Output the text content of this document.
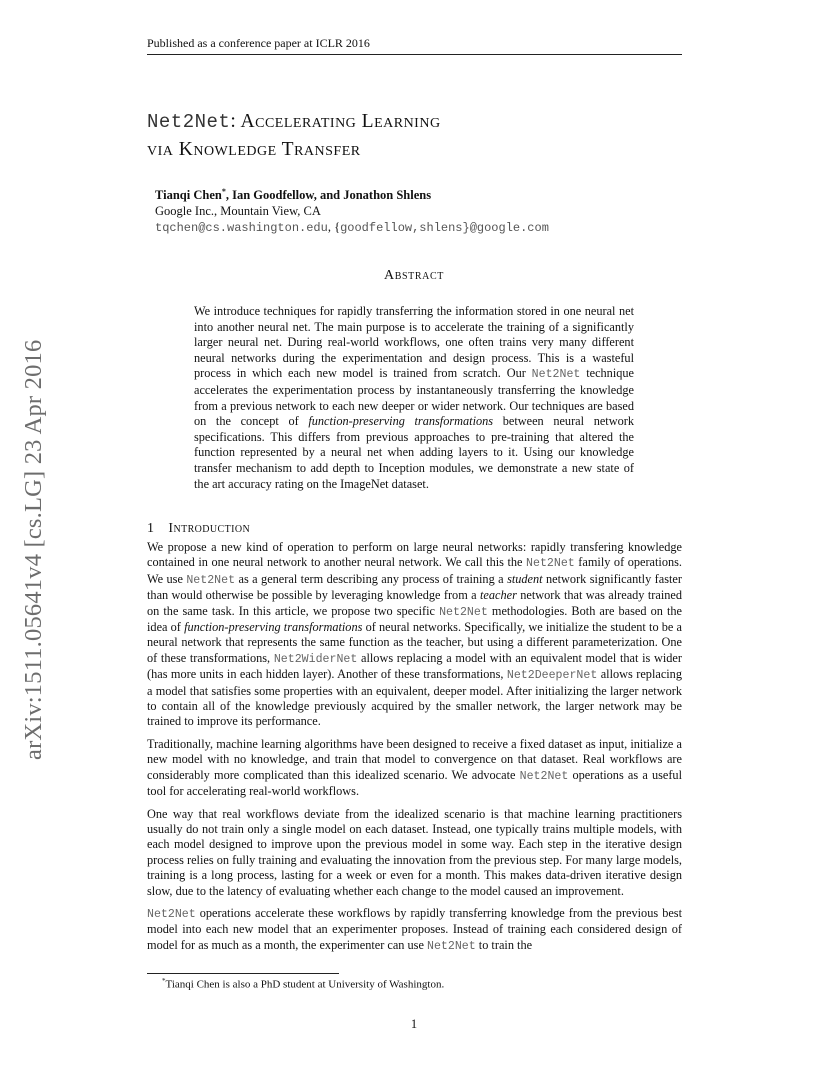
Published as a conference paper at ICLR 2016
arXiv:1511.05641v4 [cs.LG] 23 Apr 2016
Net2Net: Accelerating Learning
via Knowledge Transfer
Tianqi Chen*, Ian Goodfellow, and Jonathon Shlens
Google Inc., Mountain View, CA
tqchen@cs.washington.edu, {goodfellow,shlens}@google.com
Abstract
We introduce techniques for rapidly transferring the information stored in one neural net into another neural net. The main purpose is to accelerate the training of a significantly larger neural net. During real-world workflows, one often trains very many different neural networks during the experimentation and design process. This is a wasteful process in which each new model is trained from scratch. Our Net2Net technique accelerates the experimentation process by instantaneously transferring the knowledge from a previous network to each new deeper or wider network. Our techniques are based on the concept of function-preserving transformations between neural network specifications. This differs from previous approaches to pre-training that altered the function represented by a neural net when adding layers to it. Using our knowledge transfer mechanism to add depth to Inception modules, we demonstrate a new state of the art accuracy rating on the ImageNet dataset.
1 Introduction

We propose a new kind of operation to perform on large neural networks: rapidly transfering knowledge contained in one neural network to another neural network. We call this the Net2Net family of operations. We use Net2Net as a general term describing any process of training a student network significantly faster than would otherwise be possible by leveraging knowledge from a teacher network that was already trained on the same task. In this article, we propose two specific Net2Net methodologies. Both are based on the idea of function-preserving transformations of neural networks. Specifically, we initialize the student to be a neural network that represents the same function as the teacher, but using a different parameterization. One of these transformations, Net2WiderNet allows replacing a model with an equivalent model that is wider (has more units in each hidden layer). Another of these transformations, Net2DeeperNet allows replacing a model that satisfies some properties with an equivalent, deeper model. After initializing the larger network to contain all of the knowledge previously acquired by the smaller network, the larger network may be trained to improve its performance.

Traditionally, machine learning algorithms have been designed to receive a fixed dataset as input, initialize a new model with no knowledge, and train that model to convergence on that dataset. Real workflows are considerably more complicated than this idealized scenario. We advocate Net2Net operations as a useful tool for accelerating real-world workflows.

One way that real workflows deviate from the idealized scenario is that machine learning practitioners usually do not train only a single model on each dataset. Instead, one typically trains multiple models, with each model designed to improve upon the previous model in some way. Each step in the iterative design process relies on fully training and evaluating the innovation from the previous step. For many large models, training is a long process, lasting for a week or even for a month. This makes data-driven iterative design slow, due to the latency of evaluating whether each change to the model caused an improvement.

Net2Net operations accelerate these workflows by rapidly transferring knowledge from the previous best model into each new model that an experimenter proposes. Instead of training each considered design of model for as much as a month, the experimenter can use Net2Net to train the

*Tianqi Chen is also a PhD student at University of Washington.
1
